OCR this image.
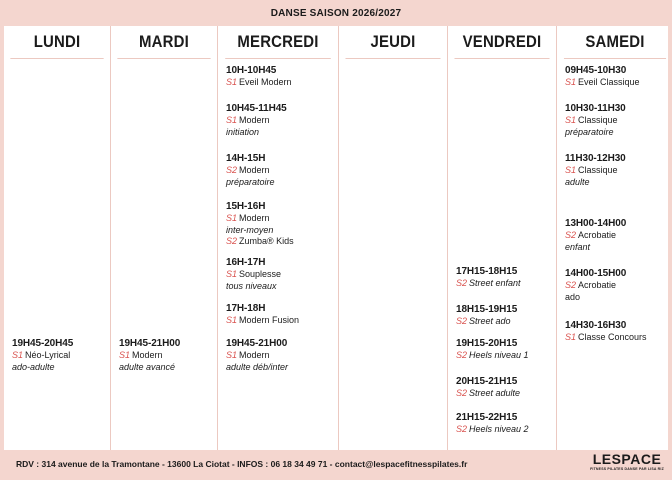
DANSE SAISON 2026/2027
LUNDI
19H45-20H45
S1 Néo-Lyrical
ado-adulte
MARDI
19H45-21H00
S1 Modern
adulte avancé
MERCREDI
10H-10H45
S1 Eveil Modern
10H45-11H45
S1 Modern
initiation
14H-15H
S2 Modern
préparatoire
15H-16H
S1 Modern
inter-moyen
S2 Zumba® Kids
16H-17H
S1 Souplesse
tous niveaux
17H-18H
S1 Modern Fusion
19H45-21H00
S1 Modern
adulte déb/inter
JEUDI	VENDREDI
17H15-18H15
S2 Street enfant
18H15-19H15
S2 Street ado
19H15-20H15
S2 Heels niveau 1
20H15-21H15
S2 Street adulte
21H15-22H15
S2 Heels niveau 2
SAMEDI
09H45-10H30
S1 Eveil Classique
10H30-11H30
S1 Classique
préparatoire
11H30-12H30
S1 Classique
adulte
13H00-14H00
S2 Acrobatie
enfant
14H00-15H00
S2 Acrobatie
ado
14H30-16H30
S1 Classe Concours
RDV : 314 avenue de la Tramontane - 13600 La Ciotat - INFOS : 06 18 34 49 71 - contact@lespacefitnesspilates.fr	LESPACE
FITNESS PILATES DANSE PAR LISA RIZ
